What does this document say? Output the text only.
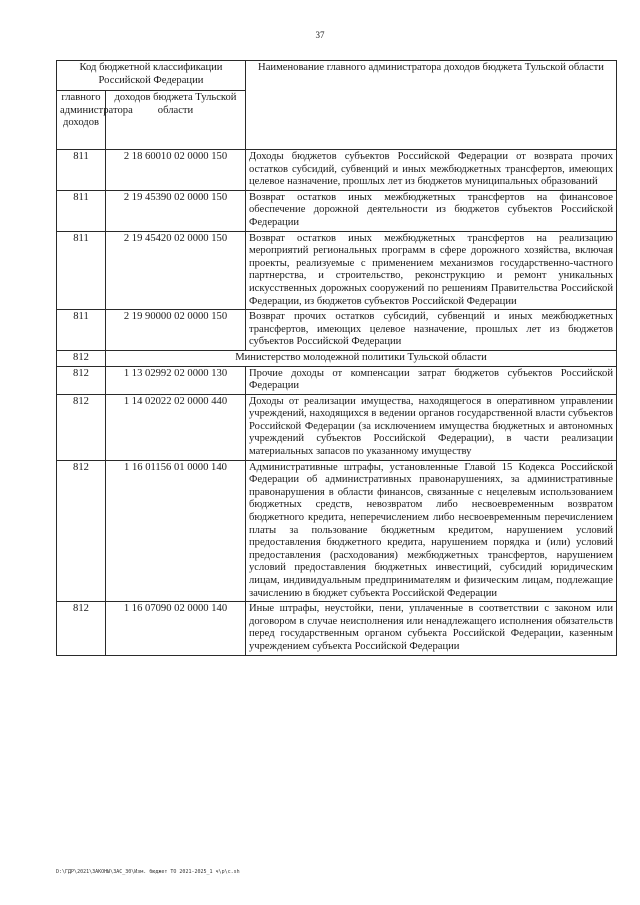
37
Код бюджетной классификации Российской Федерации		Наименование главного администратора доходов бюджета Тульской области
главного администратора доходов	доходов бюджета Тульской области	
811	2 18 60010 02 0000 150	Доходы бюджетов субъектов Российской Федерации от возврата прочих остатков субсидий, субвенций и иных межбюджетных трансфертов, имеющих целевое назначение, прошлых лет из бюджетов муниципальных образований
811	2 19 45390 02 0000 150	Возврат остатков иных межбюджетных трансфертов на финансовое обеспечение дорожной деятельности из бюджетов субъектов Российской Федерации
811	2 19 45420 02 0000 150	Возврат остатков иных межбюджетных трансфертов на реализацию мероприятий региональных программ в сфере дорожного хозяйства, включая проекты, реализуемые с применением механизмов государственно-частного партнерства, и строительство, реконструкцию и ремонт уникальных искусственных дорожных сооружений по решениям Правительства Российской Федерации, из бюджетов субъектов Российской Федерации
811	2 19 90000 02 0000 150	Возврат прочих остатков субсидий, субвенций и иных межбюджетных трансфертов, имеющих целевое назначение, прошлых лет из бюджетов субъектов Российской Федерации
812	Министерство молодежной политики Тульской области	
812	1 13 02992 02 0000 130	Прочие доходы от компенсации затрат бюджетов субъектов Российской Федерации
812	1 14 02022 02 0000 440	Доходы от реализации имущества, находящегося в оперативном управлении учреждений, находящихся в ведении органов государственной власти субъектов Российской Федерации (за исключением имущества бюджетных и автономных учреждений субъектов Российской Федерации), в части реализации материальных запасов по указанному имуществу
812	1 16 01156 01 0000 140	Административные штрафы, установленные Главой 15 Кодекса Российской Федерации об административных правонарушениях, за административные правонарушения в области финансов, связанные с нецелевым использованием бюджетных средств, невозвратом либо несвоевременным возвратом бюджетного кредита, неперечислением либо несвоевременным перечислением платы за пользование бюджетным кредитом, нарушением условий предоставления бюджетного кредита, нарушением порядка и (или) условий предоставления (расходования) межбюджетных трансфертов, нарушением условий предоставления бюджетных инвестиций, субсидий юридическим лицам, индивидуальным предпринимателям и физическим лицам, подлежащие зачислению в бюджет субъекта Российской Федерации
812	1 16 07090 02 0000 140	Иные штрафы, неустойки, пени, уплаченные в соответствии с законом или договором в случае неисполнения или ненадлежащего исполнения обязательств перед государственным органом субъекта Российской Федерации, казенным учреждением субъекта Российской Федерации
D:\ГДР\2021\ЗАКОНЫ\ЗАС_30\Изм. бюджет ТО 2021-2025_1 ч\р\с.sh
